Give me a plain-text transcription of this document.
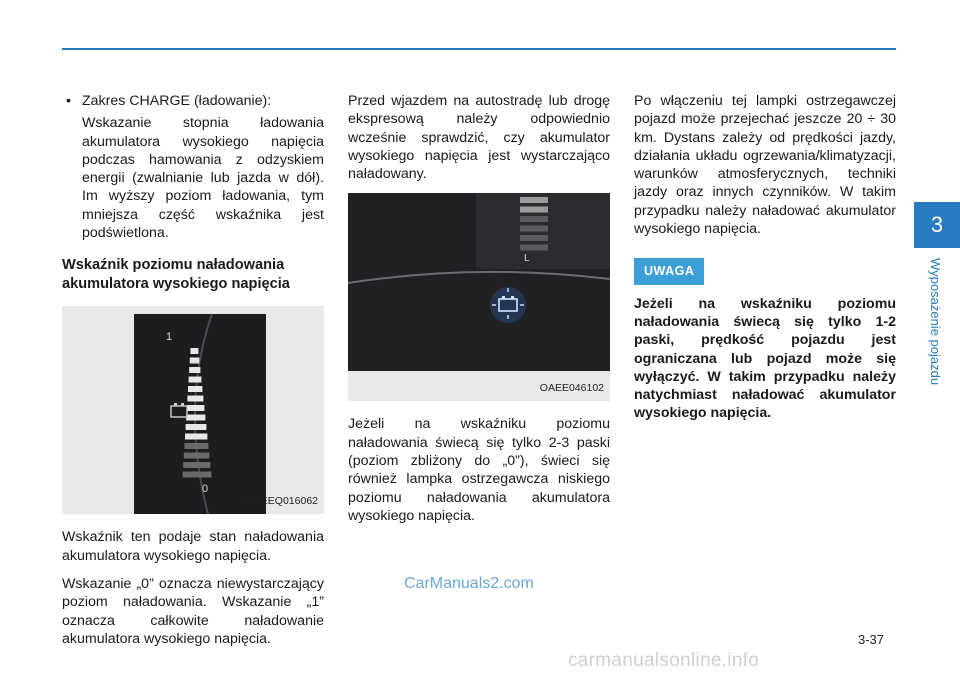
• Zakres CHARGE (ładowanie):

Wskazanie stopnia ładowania akumulatora wysokiego napięcia podczas hamowania z odzyskiem energii (zwalnianie lub jazda w dół). Im wyższy poziom ładowania, tym mniejsza część wskaźnika jest podświetlona.

Wskaźnik poziomu naładowania akumulatora wysokiego napięcia
1
0
OAEEQ016062

Wskaźnik ten podaje stan naładowania akumulatora wysokiego napięcia.

Wskazanie „0” oznacza niewystarczający poziom naładowania. Wskazanie „1” oznacza całkowite naładowanie akumulatora wysokiego napięcia.

Przed wjazdem na autostradę lub drogę ekspresową należy odpowiednio wcześnie sprawdzić, czy akumulator wysokiego napięcia jest wystarczająco naładowany.

L
OAEE046102

Jeżeli na wskaźniku poziomu naładowania świecą się tylko 2-3 paski (poziom zbliżony do „0”), świeci się również lampka ostrzegawcza niskiego poziomu naładowania akumulatora wysokiego napięcia.

Po włączeniu tej lampki ostrzegawczej pojazd może przejechać jeszcze 20 ÷ 30 km. Dystans zależy od prędkości jazdy, działania układu ogrzewania/klimatyzacji, warunków atmosferycznych, techniki jazdy oraz innych czynników. W takim przypadku należy naładować akumulator wysokiego napięcia.

UWAGA

Jeżeli na wskaźniku poziomu naładowania świecą się tylko 1-2 paski, prędkość pojazdu jest ograniczana lub pojazd może się wyłączyć. W takim przypadku należy natychmiast naładować akumulator wysokiego napięcia.

3
Wyposażenie pojazdu
3-37
CarManuals2.com
carmanualsonline.info
